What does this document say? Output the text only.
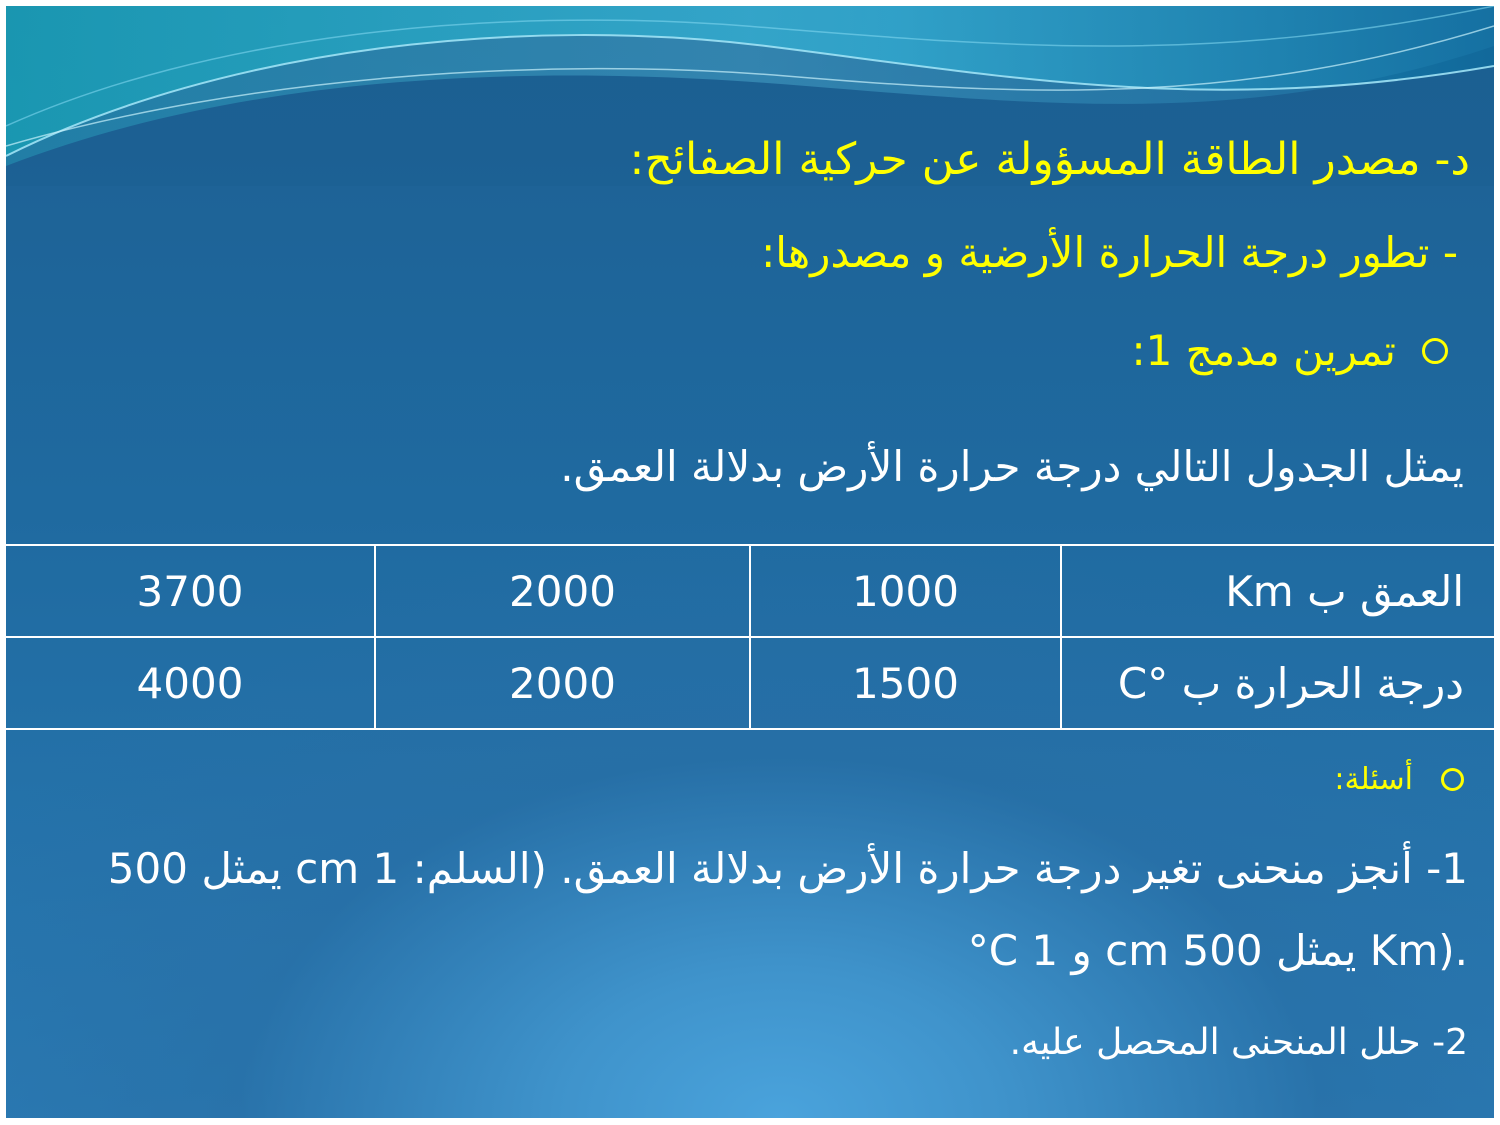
د- مصدر الطاقة المسؤولة عن حركية الصفائح:
- تطور درجة الحرارة الأرضية و مصدرها:
تمرين مدمج 1:
يمثل الجدول التالي درجة حرارة الأرض بدلالة العمق.
العمق ب Km	1000	2000	3700
درجة الحرارة ب °C	1500	2000	4000
أسئلة:
1- أنجز منحنى تغير درجة حرارة الأرض بدلالة العمق. (السلم: 1 cm يمثل 500
°C و 1 cm يمثل 500 Km).
2- حلل المنحنى المحصل عليه.
